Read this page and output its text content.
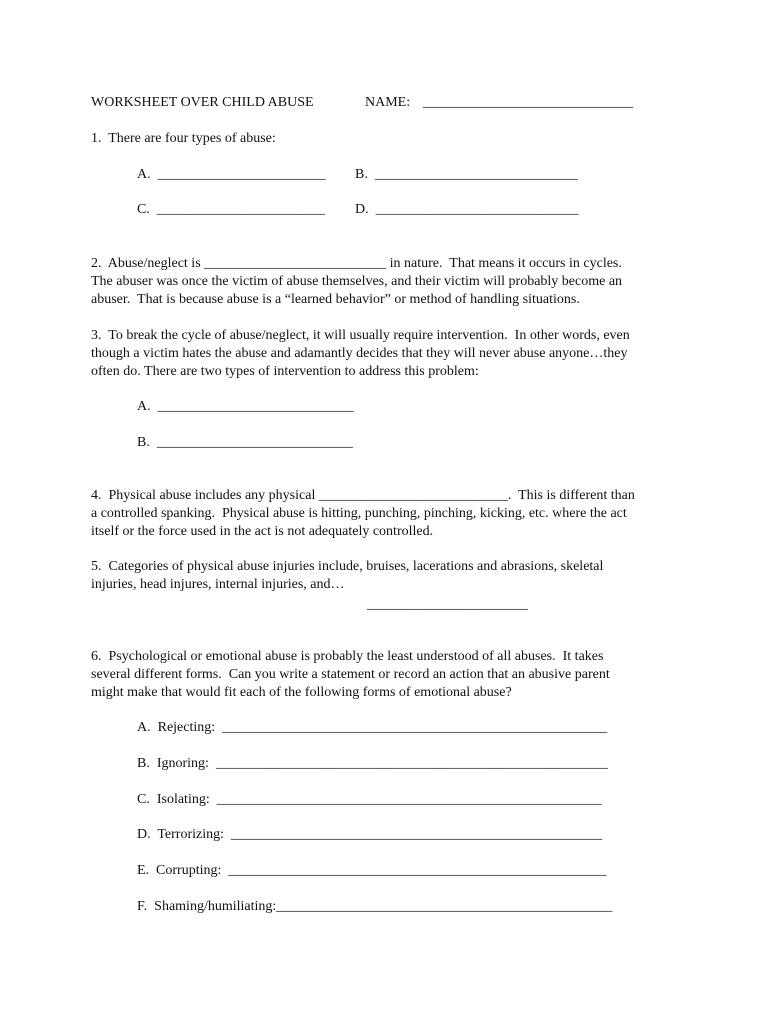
WORKSHEET OVER CHILD ABUSE	NAME: ______________________________
1.  There are four types of abuse:
A.  ________________________ B.  _____________________________
C.  ________________________ D.  _____________________________
2.  Abuse/neglect is __________________________ in nature.  That means it occurs in cycles.
The abuser was once the victim of abuse themselves, and their victim will probably become an
abuser.  That is because abuse is a “learned behavior” or method of handling situations.
3.  To break the cycle of abuse/neglect, it will usually require intervention.  In other words, even
though a victim hates the abuse and adamantly decides that they will never abuse anyone…they
often do. There are two types of intervention to address this problem:
A.  ____________________________
B.  ____________________________
4.  Physical abuse includes any physical ___________________________.  This is different than
a controlled spanking.  Physical abuse is hitting, punching, pinching, kicking, etc. where the act
itself or the force used in the act is not adequately controlled.
5.  Categories of physical abuse injuries include, bruises, lacerations and abrasions, skeletal
injuries, head injures, internal injuries, and…
_______________________
6.  Psychological or emotional abuse is probably the least understood of all abuses.  It takes
several different forms.  Can you write a statement or record an action that an abusive parent
might make that would fit each of the following forms of emotional abuse?
A.  Rejecting:  _______________________________________________________
B.  Ignoring:  ________________________________________________________
C.  Isolating:  _______________________________________________________
D.  Terrorizing:  _____________________________________________________
E.  Corrupting:  ______________________________________________________
F.  Shaming/humiliating:________________________________________________
